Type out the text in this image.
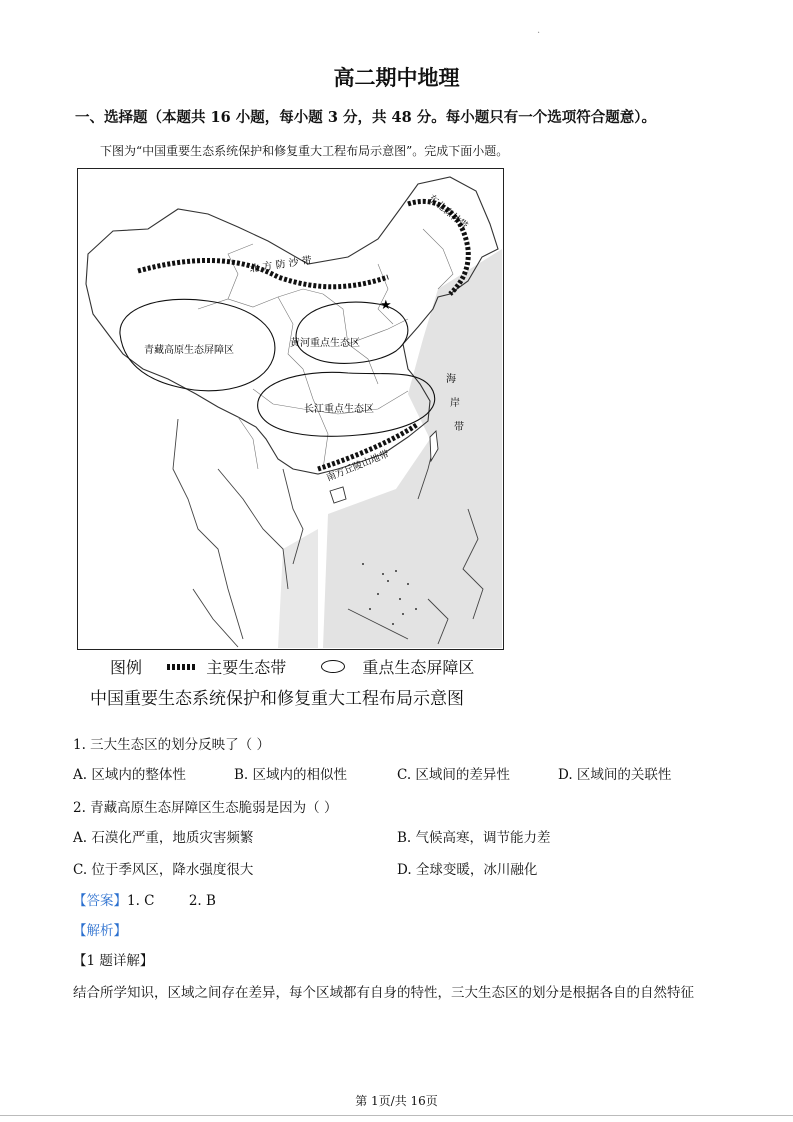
·
高二期中地理
一、选择题（本题共 16 小题，每小题 3 分，共 48 分。每小题只有一个选项符合题意）。
下图为“中国重要生态系统保护和修复重大工程布局示意图”。完成下面小题。
青藏高原生态屏障区
黄河重点生态区
长江重点生态区
北 方 防 沙 带
东北森林带
南方丘陵山地带
海
岸
带
★
图例	主要生态带	重点生态屏障区
中国重要生态系统保护和修复重大工程布局示意图
1. 三大生态区的划分反映了（ ）
A. 区域内的整体性	B. 区域内的相似性	C. 区域间的差异性	D. 区域间的关联性
2. 青藏高原生态屏障区生态脆弱是因为（ ）
A. 石漠化严重，地质灾害频繁	B. 气候高寒，调节能力差
C. 位于季风区，降水强度很大	D. 全球变暖，冰川融化
【答案】1. C        2. B
【解析】
【1 题详解】
结合所学知识，区域之间存在差异，每个区域都有自身的特性，三大生态区的划分是根据各自的自然特征
第 1页/共 16页
